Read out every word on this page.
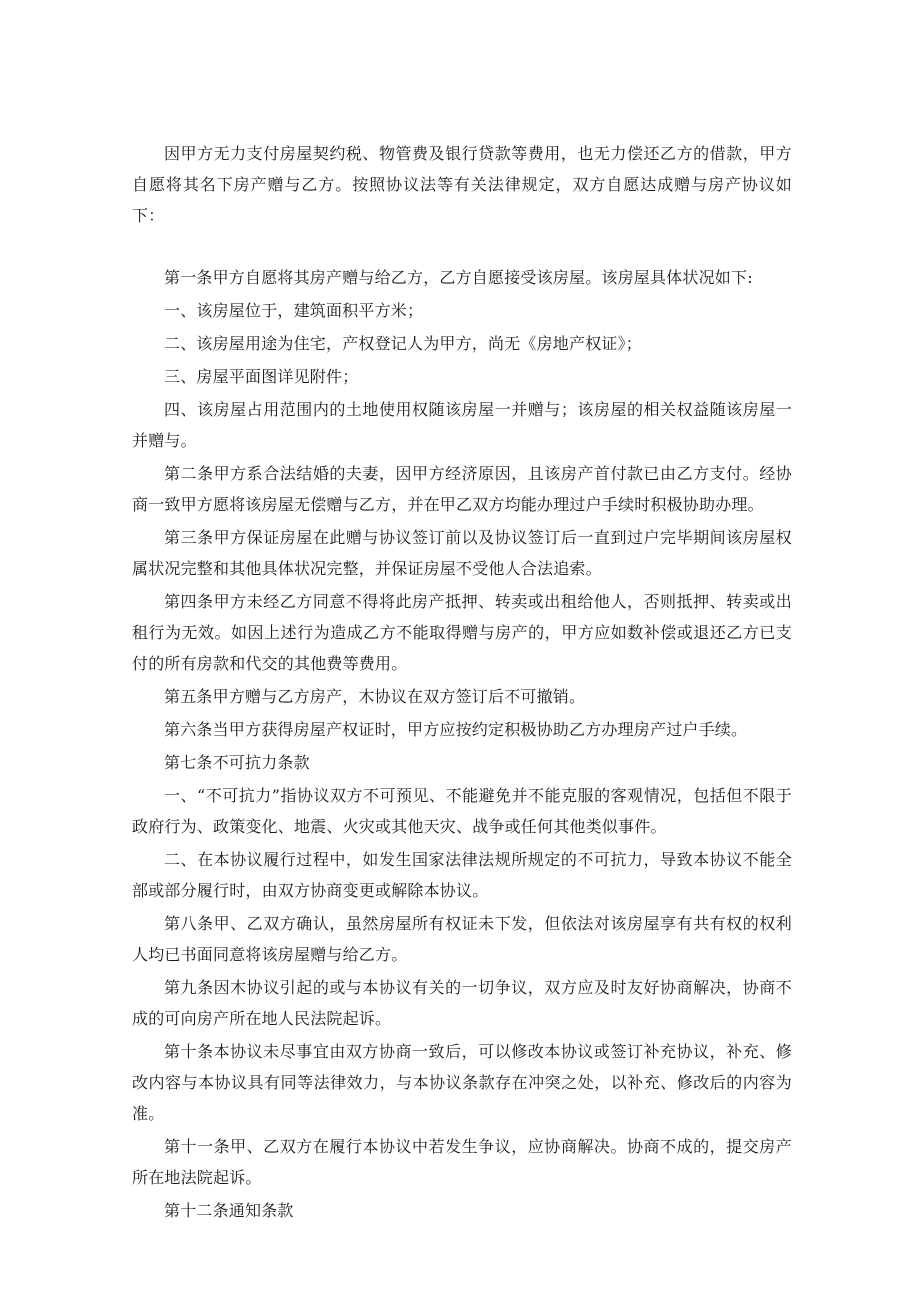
因甲方无力支付房屋契约税、物管费及银行贷款等费用，也无力偿还乙方的借款，甲方自愿将其名下房产赠与乙方。按照协议法等有关法律规定，双方自愿达成赠与房产协议如下：

第一条甲方自愿将其房产赠与给乙方，乙方自愿接受该房屋。该房屋具体状况如下:

一、该房屋位于，建筑面积平方米；

二、该房屋用途为住宅，产权登记人为甲方，尚无《房地产权证》；

三、房屋平面图详见附件；

四、该房屋占用范围内的土地使用权随该房屋一并赠与；该房屋的相关权益随该房屋一并赠与。

第二条甲方系合法结婚的夫妻，因甲方经济原因，且该房产首付款已由乙方支付。经协商一致甲方愿将该房屋无偿赠与乙方，并在甲乙双方均能办理过户手续时积极协助办理。

第三条甲方保证房屋在此赠与协议签订前以及协议签订后一直到过户完毕期间该房屋权属状况完整和其他具体状况完整，并保证房屋不受他人合法追索。

第四条甲方未经乙方同意不得将此房产抵押、转卖或出租给他人，否则抵押、转卖或出租行为无效。如因上述行为造成乙方不能取得赠与房产的，甲方应如数补偿或退还乙方已支付的所有房款和代交的其他费等费用。

第五条甲方赠与乙方房产，木协议在双方签订后不可撤销。

第六条当甲方获得房屋产权证时，甲方应按约定积极协助乙方办理房产过户手续。

第七条不可抗力条款

一、“不可抗力”指协议双方不可预见、不能避免并不能克服的客观情况，包括但不限于政府行为、政策变化、地震、火灾或其他天灾、战争或任何其他类似事件。

二、在本协议履行过程中，如发生国家法律法规所规定的不可抗力，导致本协议不能全部或部分履行时，由双方协商变更或解除本协议。

第八条甲、乙双方确认，虽然房屋所有权证未下发，但依法对该房屋享有共有权的权利人均已书面同意将该房屋赠与给乙方。

第九条因木协议引起的或与本协议有关的一切争议，双方应及时友好协商解决，协商不成的可向房产所在地人民法院起诉。

第十条本协议未尽事宜由双方协商一致后，可以修改本协议或签订补充协议，补充、修改内容与本协议具有同等法律效力，与本协议条款存在冲突之处，以补充、修改后的内容为准。

第十一条甲、乙双方在履行本协议中若发生争议，应协商解决。协商不成的，提交房产所在地法院起诉。

第十二条通知条款
